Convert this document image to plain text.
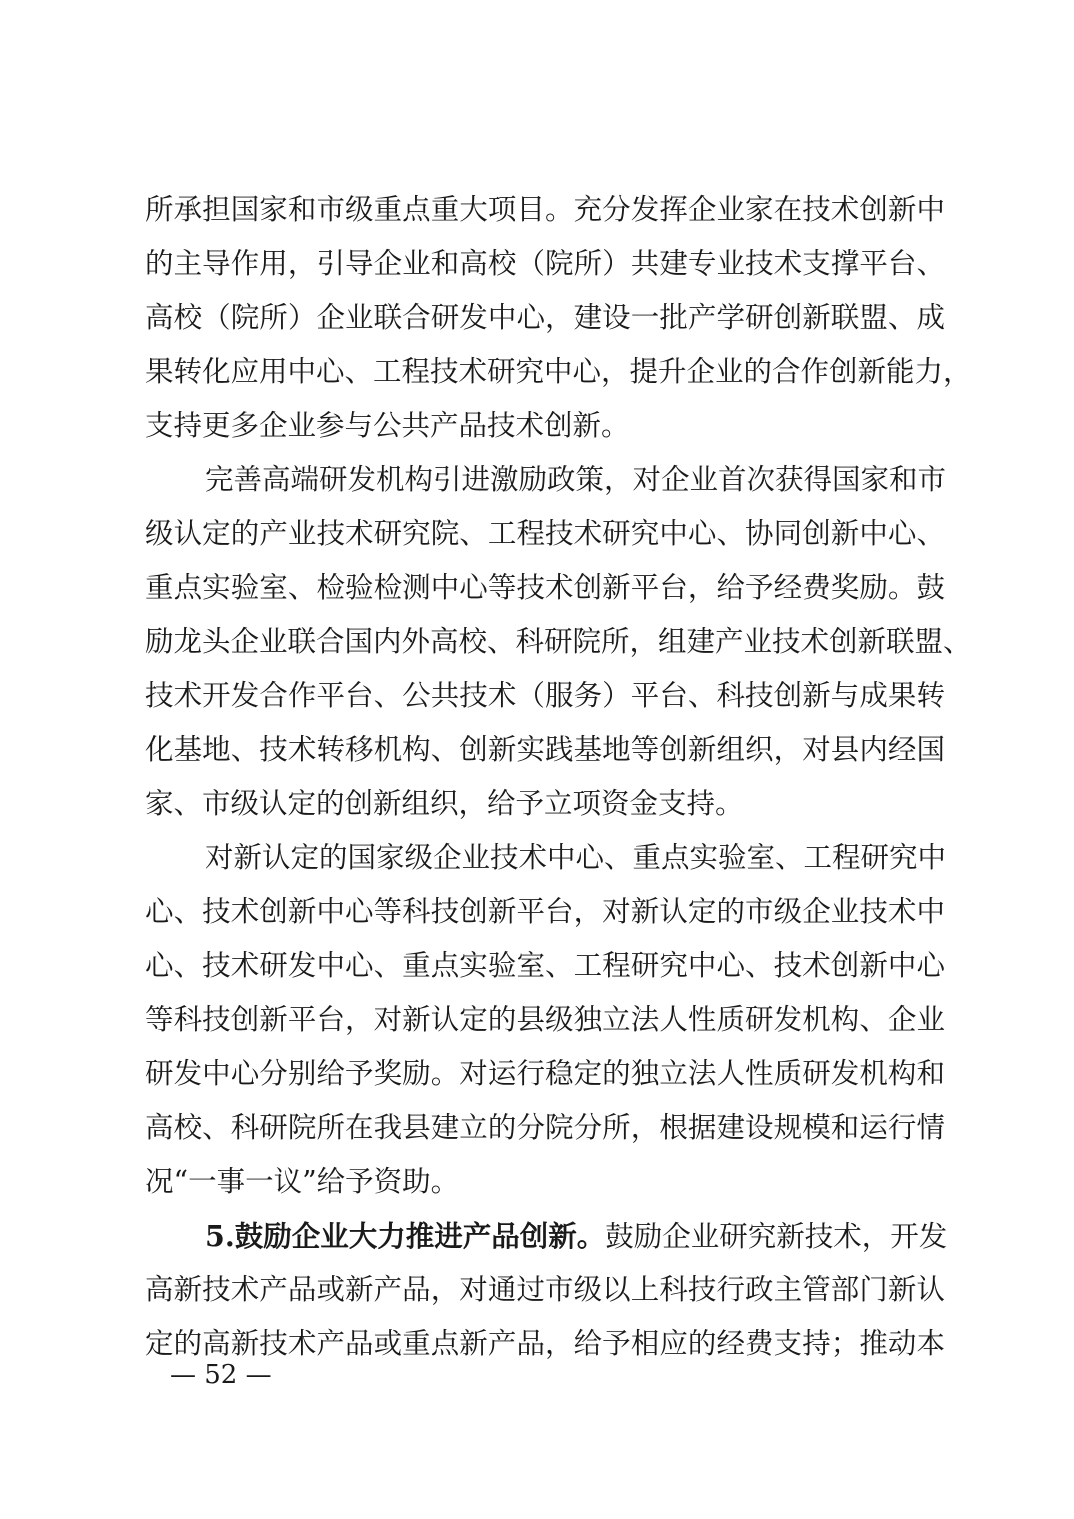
所承担国家和市级重点重大项目。充分发挥企业家在技术创新中
的主导作用，引导企业和高校（院所）共建专业技术支撑平台、
高校（院所）企业联合研发中心，建设一批产学研创新联盟、成
果转化应用中心、工程技术研究中心，提升企业的合作创新能力，
支持更多企业参与公共产品技术创新。
完善高端研发机构引进激励政策，对企业首次获得国家和市
级认定的产业技术研究院、工程技术研究中心、协同创新中心、
重点实验室、检验检测中心等技术创新平台，给予经费奖励。鼓
励龙头企业联合国内外高校、科研院所，组建产业技术创新联盟、
技术开发合作平台、公共技术（服务）平台、科技创新与成果转
化基地、技术转移机构、创新实践基地等创新组织，对县内经国
家、市级认定的创新组织，给予立项资金支持。
对新认定的国家级企业技术中心、重点实验室、工程研究中
心、技术创新中心等科技创新平台，对新认定的市级企业技术中
心、技术研发中心、重点实验室、工程研究中心、技术创新中心
等科技创新平台，对新认定的县级独立法人性质研发机构、企业
研发中心分别给予奖励。对运行稳定的独立法人性质研发机构和
高校、科研院所在我县建立的分院分所，根据建设规模和运行情
况“一事一议”给予资助。
5.鼓励企业大力推进产品创新。鼓励企业研究新技术，开发
高新技术产品或新产品，对通过市级以上科技行政主管部门新认
定的高新技术产品或重点新产品，给予相应的经费支持；推动本
— 52 —
